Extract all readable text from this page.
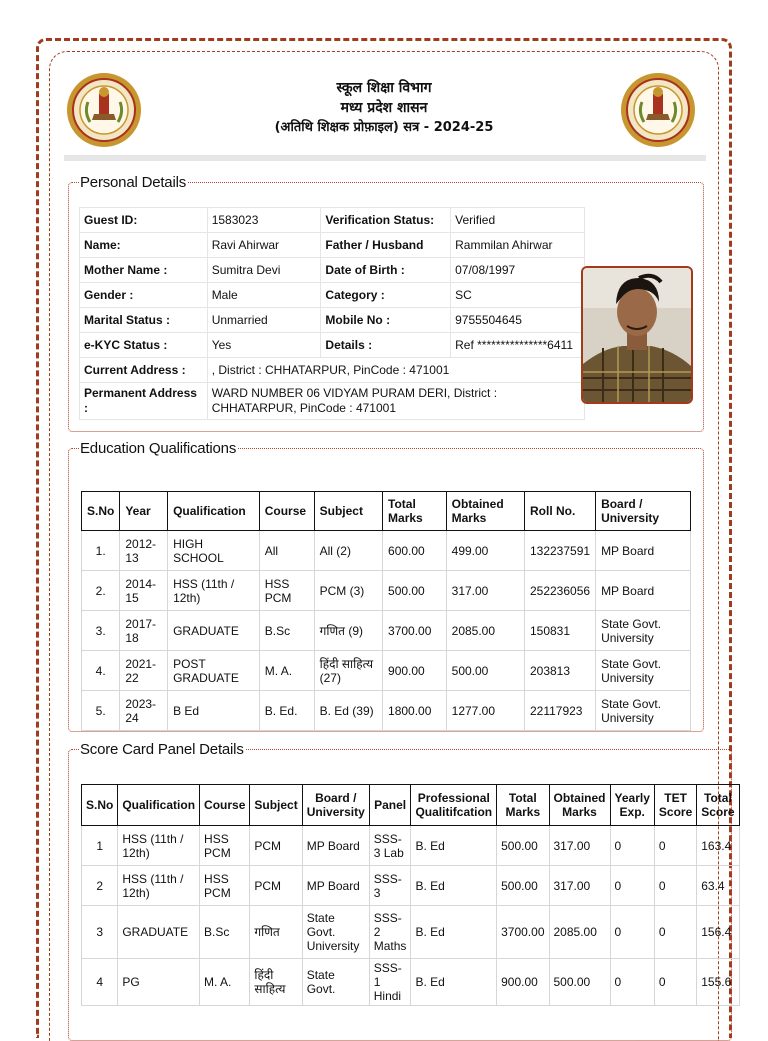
स्कूल शिक्षा विभाग
मध्य प्रदेश शासन
(अतिथि शिक्षक प्रोफ़ाइल) सत्र - 2024-25
Personal Details
Guest ID:	1583023	Verification Status:	Verified
Name:	Ravi Ahirwar	Father / Husband	Rammilan Ahirwar
Mother Name :	Sumitra Devi	Date of Birth :	07/08/1997
Gender :	Male	Category :	SC
Marital Status :	Unmarried	Mobile No :	9755504645
e-KYC Status :	Yes	Details :	Ref ***************6411
Current Address :	, District : CHHATARPUR, PinCode : 471001		
Permanent Address :	WARD NUMBER 06 VIDYAM PURAM DERI, District : CHHATARPUR, PinCode : 471001		
Education Qualifications
S.No	Year	Qualification	Course	Subject	Total Marks	Obtained Marks	Roll No.	Board / University
1.	2012-13	HIGH SCHOOL	All	All (2)	600.00	499.00	132237591	MP Board
2.	2014-15	HSS (11th / 12th)	HSS PCM	PCM (3)	500.00	317.00	252236056	MP Board
3.	2017-18	GRADUATE	B.Sc	गणित (9)	3700.00	2085.00	150831	State Govt. University
4.	2021-22	POST GRADUATE	M. A.	हिंदी साहित्य (27)	900.00	500.00	203813	State Govt. University
5.	2023-24	B Ed	B. Ed.	B. Ed (39)	1800.00	1277.00	22117923	State Govt. University
Score Card Panel Details
S.No	Qualification	Course	Subject	Board / University	Panel	Professional Qualitifcation	Total Marks	Obtained Marks	Yearly Exp.	TET Score	Total Score
1	HSS (11th / 12th)	HSS PCM	PCM	MP Board	SSS-3 Lab	B. Ed	500.00	317.00	0	0	163.4
2	HSS (11th / 12th)	HSS PCM	PCM	MP Board	SSS-3	B. Ed	500.00	317.00	0	0	63.4
3	GRADUATE	B.Sc	गणित	State Govt. University	SSS-2 Maths	B. Ed	3700.00	2085.00	0	0	156.4
4	PG	M. A.	हिंदी साहित्य	State Govt.	SSS-1 Hindi	B. Ed	900.00	500.00	0	0	155.6
